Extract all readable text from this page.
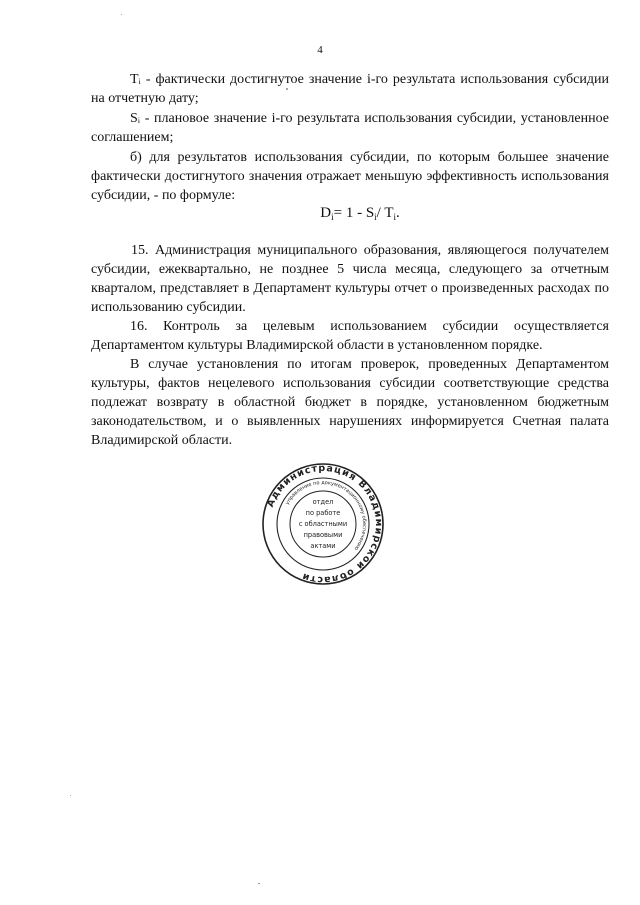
4

Tᵢ - фактически достигнутое значение i-го результата использования субсидии на отчетную дату;

Sᵢ - плановое значение i-го результата использования субсидии, установленное соглашением;

б) для результатов использования субсидии, по которым большее значение фактически достигнутого значения отражает меньшую эффективность использования субсидии, - по формуле:

$D_i= 1 - S_i/$ $T_i$.

15. Администрация муниципального образования, являющегося получателем субсидии, ежеквартально, не позднее 5 числа месяца, следующего за отчетным кварталом, представляет в Департамент культуры отчет о произведенных расходах по использованию субсидии.

16. Контроль за целевым использованием субсидии осуществляется Департаментом культуры Владимирской области в установленном порядке.

В случае установления по итогам проверок, проведенных Департаментом культуры, фактов нецелевого использования субсидии соответствующие средства подлежат возврату в областной бюджет в порядке, установленном бюджетным законодательством, и о выявленных нарушениях информируется Счетная палата Владимирской области.

Администрация Владимирской области
управление по документационному обеспечению
отдел
по работе
с областными
правовыми
актами
